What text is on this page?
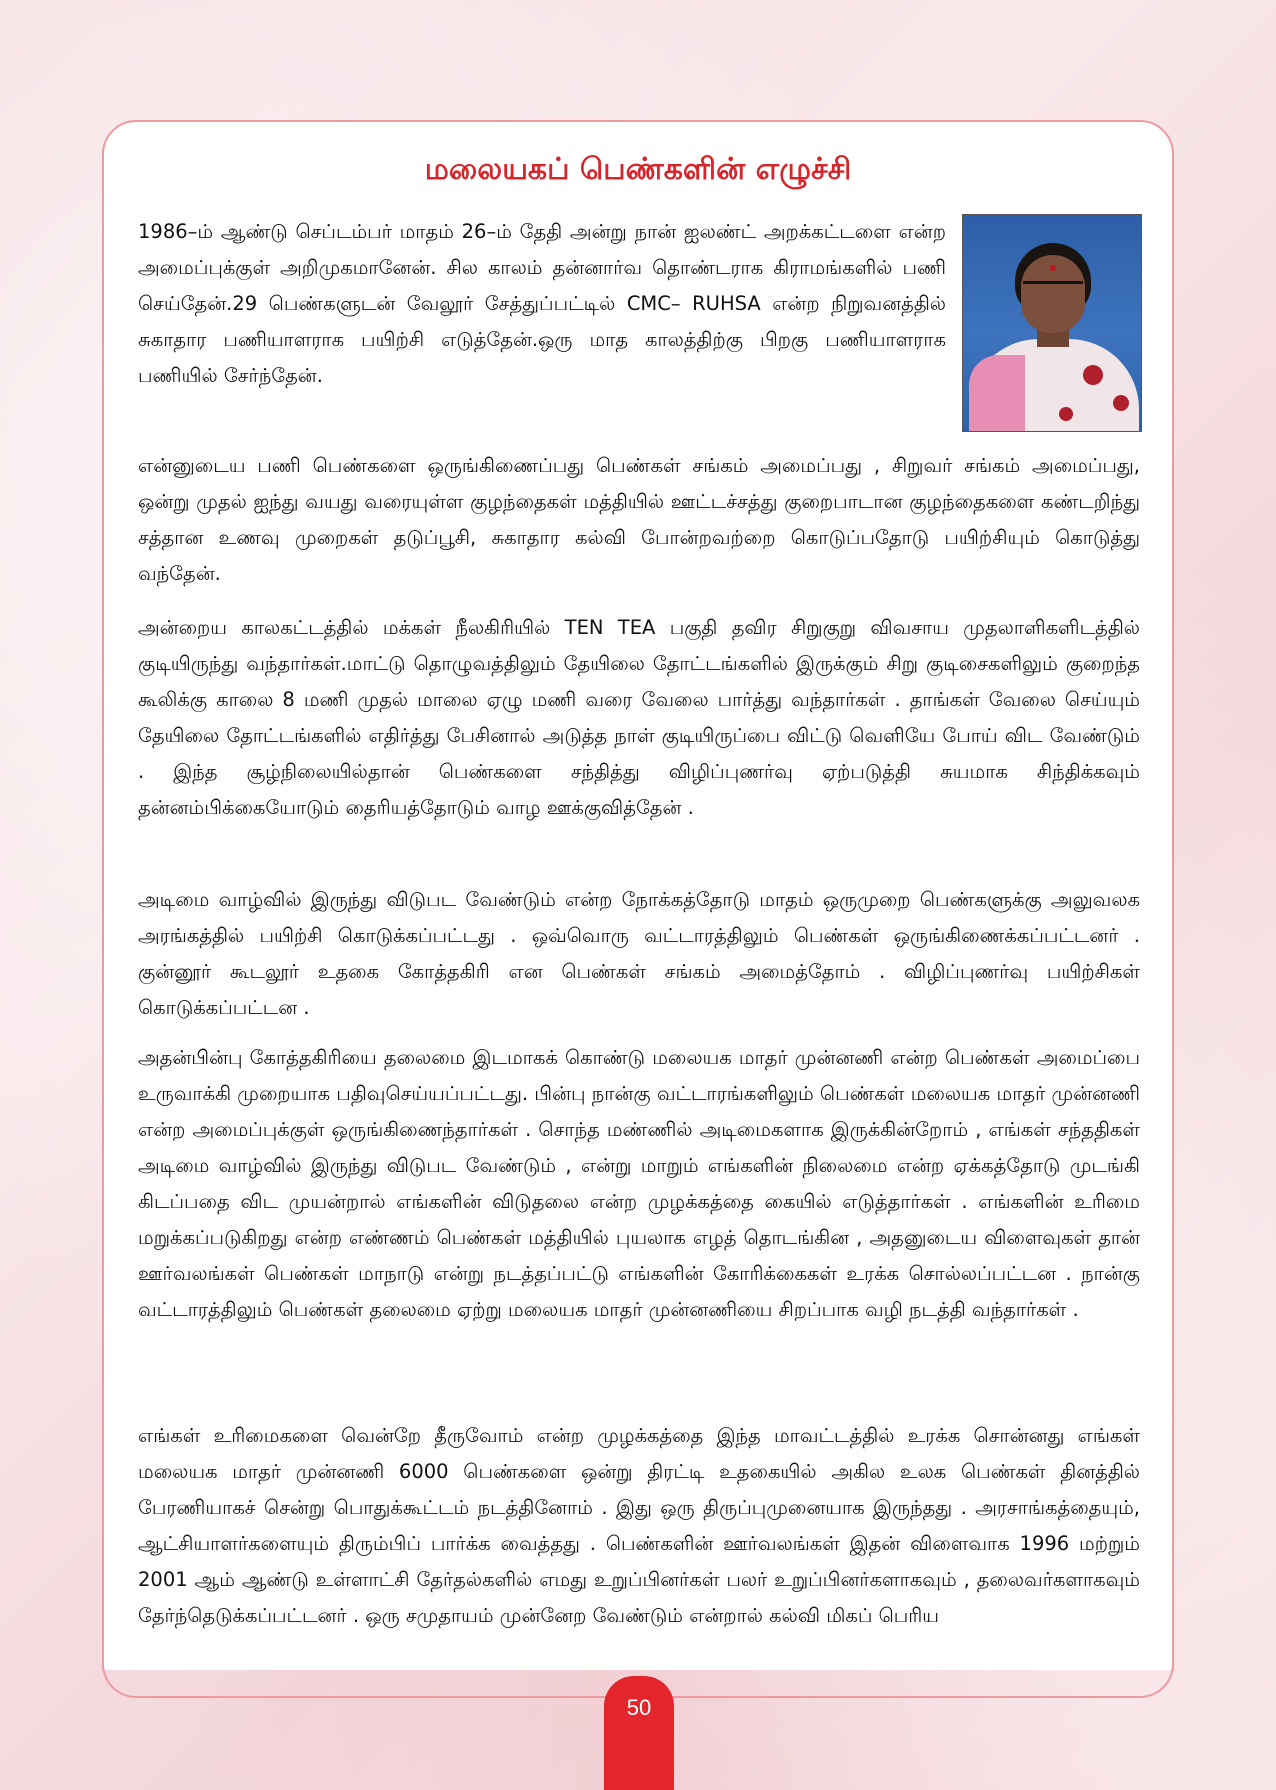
மலையகப் பெண்களின் எழுச்சி

1986–ம் ஆண்டு செப்டம்பர் மாதம் 26–ம் தேதி அன்று நான் ஐலண்ட் அறக்கட்டளை என்ற அமைப்புக்குள் அறிமுகமானேன். சில காலம் தன்னார்வ தொண்டராக கிராமங்களில் பணி செய்தேன்.29 பெண்களுடன் வேலூர் சேத்துப்பட்டில் CMC– RUHSA என்ற நிறுவனத்தில் சுகாதார பணியாளராக பயிற்சி எடுத்தேன்.ஒரு மாத காலத்திற்கு பிறகு பணியாளராக பணியில் சேர்ந்தேன்.

என்னுடைய பணி பெண்களை ஒருங்கிணைப்பது பெண்கள் சங்கம் அமைப்பது , சிறுவர் சங்கம் அமைப்பது, ஒன்று முதல் ஐந்து வயது வரையுள்ள குழந்தைகள் மத்தியில் ஊட்டச்சத்து குறைபாடான குழந்தைகளை கண்டறிந்து சத்தான உணவு முறைகள் தடுப்பூசி, சுகாதார கல்வி போன்றவற்றை கொடுப்பதோடு பயிற்சியும் கொடுத்து வந்தேன்.

அன்றைய காலகட்டத்தில் மக்கள் நீலகிரியில் TEN TEA பகுதி தவிர சிறுகுறு விவசாய முதலாளிகளிடத்தில் குடியிருந்து வந்தார்கள்.மாட்டு தொழுவத்திலும் தேயிலை தோட்டங்களில் இருக்கும் சிறு குடிசைகளிலும் குறைந்த கூலிக்கு காலை 8 மணி முதல் மாலை ஏழு மணி வரை வேலை பார்த்து வந்தார்கள் . தாங்கள் வேலை செய்யும் தேயிலை தோட்டங்களில் எதிர்த்து பேசினால் அடுத்த நாள் குடியிருப்பை விட்டு வெளியே போய் விட வேண்டும் . இந்த சூழ்நிலையில்தான் பெண்களை சந்தித்து விழிப்புணர்வு ஏற்படுத்தி சுயமாக சிந்திக்கவும் தன்னம்பிக்கையோடும் தைரியத்தோடும் வாழ ஊக்குவித்தேன் .

அடிமை வாழ்வில் இருந்து விடுபட வேண்டும் என்ற நோக்கத்தோடு மாதம் ஒருமுறை பெண்களுக்கு அலுவலக அரங்கத்தில் பயிற்சி கொடுக்கப்பட்டது . ஒவ்வொரு வட்டாரத்திலும் பெண்கள் ஒருங்கிணைக்கப்பட்டனர் . குன்னூர் கூடலூர் உதகை கோத்தகிரி என பெண்கள் சங்கம் அமைத்தோம் . விழிப்புணர்வு பயிற்சிகள் கொடுக்கப்பட்டன .

அதன்பின்பு கோத்தகிரியை தலைமை இடமாகக் கொண்டு மலையக மாதர் முன்னணி என்ற பெண்கள் அமைப்பை உருவாக்கி முறையாக பதிவுசெய்யப்பட்டது. பின்பு நான்கு வட்டாரங்களிலும் பெண்கள் மலையக மாதர் முன்னணி என்ற அமைப்புக்குள் ஒருங்கிணைந்தார்கள் . சொந்த மண்ணில் அடிமைகளாக இருக்கின்றோம் , எங்கள் சந்ததிகள் அடிமை வாழ்வில் இருந்து விடுபட வேண்டும் , என்று மாறும் எங்களின் நிலைமை என்ற ஏக்கத்தோடு முடங்கி கிடப்பதை விட முயன்றால் எங்களின் விடுதலை என்ற முழக்கத்தை கையில் எடுத்தார்கள் . எங்களின் உரிமை மறுக்கப்படுகிறது என்ற எண்ணம் பெண்கள் மத்தியில் புயலாக எழத் தொடங்கின , அதனுடைய விளைவுகள் தான் ஊர்வலங்கள் பெண்கள் மாநாடு என்று நடத்தப்பட்டு எங்களின் கோரிக்கைகள் உரக்க சொல்லப்பட்டன . நான்கு வட்டாரத்திலும் பெண்கள் தலைமை ஏற்று மலையக மாதர் முன்னணியை சிறப்பாக வழி நடத்தி வந்தார்கள் .

எங்கள் உரிமைகளை வென்றே தீருவோம் என்ற முழக்கத்தை இந்த மாவட்டத்தில் உரக்க சொன்னது எங்கள் மலையக மாதர் முன்னணி 6000 பெண்களை ஒன்று திரட்டி உதகையில் அகில உலக பெண்கள் தினத்தில் பேரணியாகச் சென்று பொதுக்கூட்டம் நடத்தினோம் . இது ஒரு திருப்புமுனையாக இருந்தது . அரசாங்கத்தையும், ஆட்சியாளர்களையும் திரும்பிப் பார்க்க வைத்தது . பெண்களின் ஊர்வலங்கள் இதன் விளைவாக 1996 மற்றும் 2001 ஆம் ஆண்டு உள்ளாட்சி தேர்தல்களில் எமது உறுப்பினர்கள் பலர் உறுப்பினர்களாகவும் , தலைவர்களாகவும் தேர்ந்தெடுக்கப்பட்டனர் . ஒரு சமுதாயம் முன்னேற வேண்டும் என்றால் கல்வி மிகப் பெரிய

50
